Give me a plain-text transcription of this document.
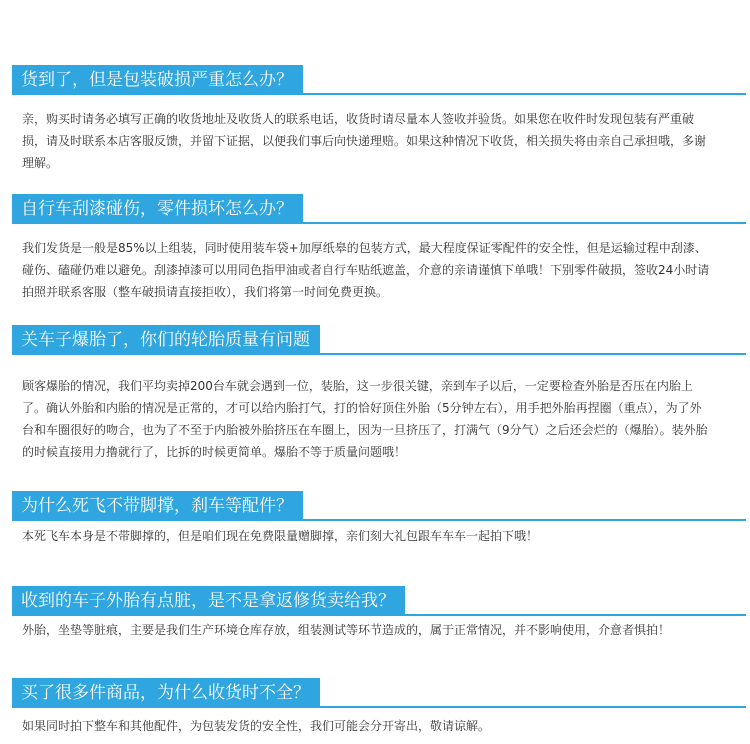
货到了，但是包装破损严重怎么办？
亲，购买时请务必填写正确的收货地址及收货人的联系电话，收货时请尽量本人签收并验货。如果您在收件时发现包装有严重破损，请及时联系本店客服反馈，并留下证据，以便我们事后向快递理赔。如果这种情况下收货，相关损失将由亲自己承担哦，多谢理解。
自行车刮漆碰伤，零件损坏怎么办？
我们发货是一般是85%以上组装，同时使用装车袋+加厚纸皋的包装方式，最大程度保证零配件的安全性，但是运输过程中刮漆、碰伤、磕碰仍难以避免。刮漆掉漆可以用同色指甲油或者自行车贴纸遮盖，介意的亲请谨慎下单哦！下别零件破损，签收24小时请拍照并联系客服（整车破损请直接拒收），我们将第一时间免费更换。
关车子爆胎了，你们的轮胎质量有问题
顾客爆胎的情况，我们平均卖掉200台车就会遇到一位，装胎，这一步很关键，亲到车子以后，一定要检查外胎是否压在内胎上了。确认外胎和内胎的情况是正常的，才可以给内胎打气，打的恰好顶住外胎（5分钟左右），用手把外胎再捏圈（重点），为了外台和车圈很好的吻合，也为了不至于内胎被外胎挤压在车圈上，因为一旦挤压了，打满气（9分气）之后还会烂的（爆胎）。装外胎的时候直接用力撸就行了，比拆的时候更简单。爆胎不等于质量问题哦！
为什么死飞不带脚撑，刹车等配件？
本死飞车本身是不带脚撑的，但是咱们现在免费限量赠脚撑，亲们刻大礼包跟车车车一起拍下哦！
收到的车子外胎有点脏，是不是拿返修货卖给我？
外胎，坐垫等脏痕，主要是我们生产环境仓库存放，组装测试等环节造成的，属于正常情况，并不影响使用，介意者惧拍！
买了很多件商品，为什么收货时不全？
如果同时拍下整车和其他配件，为包装发货的安全性，我们可能会分开寄出，敬请谅解。
